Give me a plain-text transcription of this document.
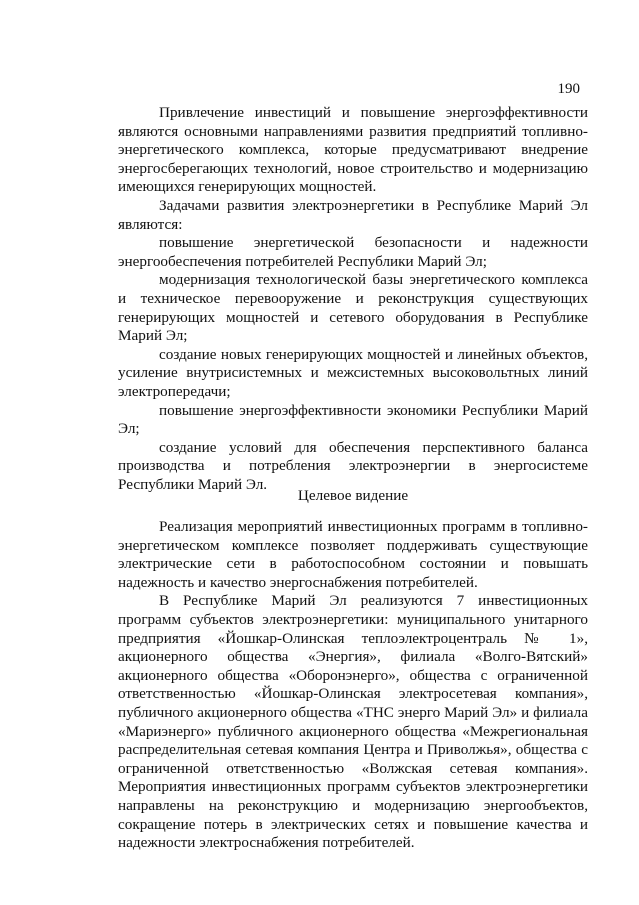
190

Привлечение инвестиций и повышение энергоэффективности являются основными направлениями развития предприятий топливно-энергетического комплекса, которые предусматривают внедрение энергосберегающих технологий, новое строительство и модернизацию имеющихся генерирующих мощностей.

Задачами развития электроэнергетики в Республике Марий Эл являются:

повышение энергетической безопасности и надежности энергообеспечения потребителей Республики Марий Эл;

модернизация технологической базы энергетического комплекса и техническое перевооружение и реконструкция существующих генерирующих мощностей и сетевого оборудования в Республике Марий Эл;

создание новых генерирующих мощностей и линейных объектов, усиление внутрисистемных и межсистемных высоковольтных линий электропередачи;

повышение энергоэффективности экономики Республики Марий Эл;

создание условий для обеспечения перспективного баланса производства и потребления электроэнергии в энергосистеме Республики Марий Эл.

Целевое видение

Реализация мероприятий инвестиционных программ в топливно-энергетическом комплексе позволяет поддерживать существующие электрические сети в работоспособном состоянии и повышать надежность и качество энергоснабжения потребителей.

В Республике Марий Эл реализуются 7 инвестиционных программ субъектов электроэнергетики: муниципального унитарного предприятия «Йошкар-Олинская теплоэлектроцентраль № 1», акционерного общества «Энергия», филиала «Волго-Вятский» акционерного общества «Оборонэнерго», общества с ограниченной ответственностью «Йошкар-Олинская электросетевая компания», публичного акционерного общества «ТНС энерго Марий Эл» и филиала «Мариэнерго» публичного акционерного общества «Межрегиональная распределительная сетевая компания Центра и Приволжья», общества с ограниченной ответственностью «Волжская сетевая компания». Мероприятия инвестиционных программ субъектов электроэнергетики направлены на реконструкцию и модернизацию энергообъектов, сокращение потерь в электрических сетях и повышение качества и надежности электроснабжения потребителей.
